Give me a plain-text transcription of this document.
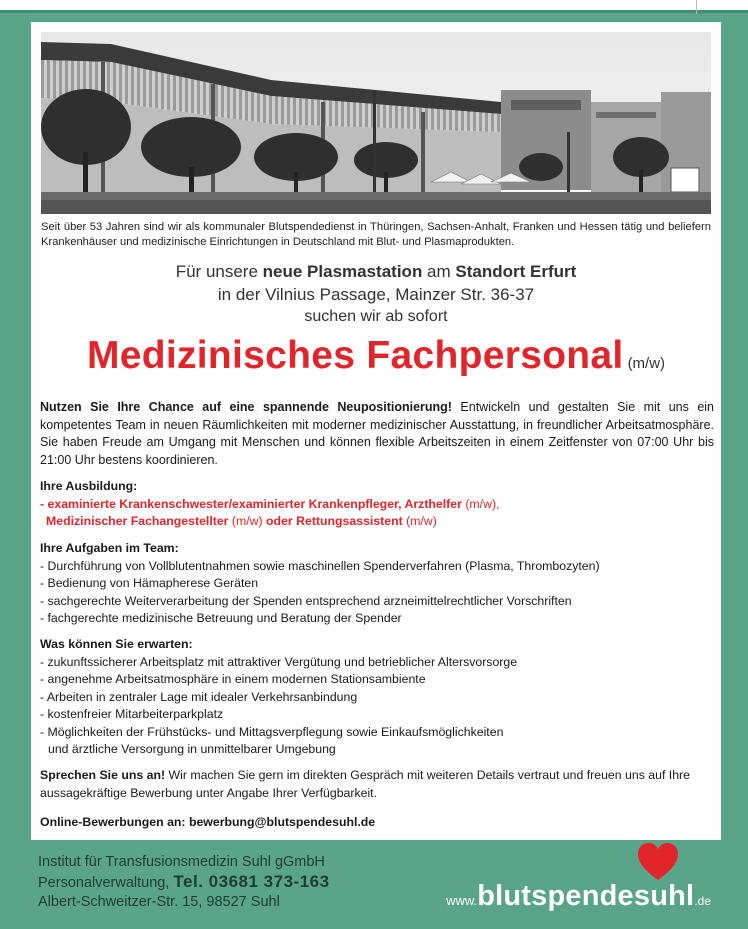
Seit über 53 Jahren sind wir als kommunaler Blutspendedienst in Thüringen, Sachsen-Anhalt, Franken und Hessen tätig und beliefern Krankenhäuser und medizinische Einrichtungen in Deutschland mit Blut- und Plasmaprodukten.
Für unsere neue Plasmastation am Standort Erfurt
in der Vilnius Passage, Mainzer Str. 36-37
suchen wir ab sofort
Medizinisches Fachpersonal (m/w)
Nutzen Sie Ihre Chance auf eine spannende Neupositionierung! Entwickeln und gestalten Sie mit uns ein kompetentes Team in neuen Räumlichkeiten mit moderner medizinischer Ausstattung, in freundlicher Arbeitsatmosphäre. Sie haben Freude am Umgang mit Menschen und können flexible Arbeitszeiten in einem Zeitfenster von 07:00 Uhr bis 21:00 Uhr bestens koordinieren.
Ihre Ausbildung:
- examinierte Krankenschwester/examinierter Krankenpfleger, Arzthelfer (m/w),
Medizinischer Fachangestellter (m/w) oder Rettungsassistent (m/w)
Ihre Aufgaben im Team:
- Durchführung von Vollblutentnahmen sowie maschinellen Spenderverfahren (Plasma, Thrombozyten)
- Bedienung von Hämapherese Geräten
- sachgerechte Weiterverarbeitung der Spenden entsprechend arzneimittelrechtlicher Vorschriften
- fachgerechte medizinische Betreuung und Beratung der Spender
Was können Sie erwarten:
- zukunftssicherer Arbeitsplatz mit attraktiver Vergütung und betrieblicher Altersvorsorge
- angenehme Arbeitsatmosphäre in einem modernen Stationsambiente
- Arbeiten in zentraler Lage mit idealer Verkehrsanbindung
- kostenfreier Mitarbeiterparkplatz
- Möglichkeiten der Frühstücks- und Mittagsverpflegung sowie Einkaufsmöglichkeiten
und ärztliche Versorgung in unmittelbarer Umgebung
Sprechen Sie uns an! Wir machen Sie gern im direkten Gespräch mit weiteren Details vertraut und freuen uns auf Ihre aussagekräftige Bewerbung unter Angabe Ihrer Verfügbarkeit.
Online-Bewerbungen an: bewerbung@blutspendesuhl.de
Institut für Transfusionsmedizin Suhl gGmbH
Personalverwaltung, Tel. 03681 373-163
Albert-Schweitzer-Str. 15, 98527 Suhl	www.blutspendesuhl.de
